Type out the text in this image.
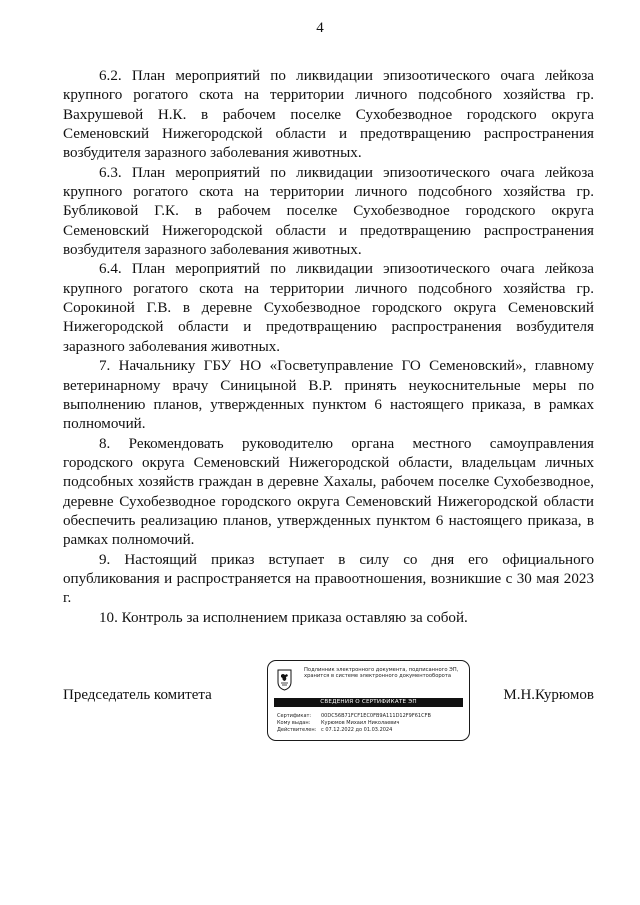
4

6.2. План мероприятий по ликвидации эпизоотического очага лейкоза крупного рогатого скота на территории личного подсобного хозяйства гр. Вахрушевой Н.К. в рабочем поселке Сухобезводное городского округа Семеновский Нижегородской области и предотвращению распространения возбудителя заразного заболевания животных.

6.3. План мероприятий по ликвидации эпизоотического очага лейкоза крупного рогатого скота на территории личного подсобного хозяйства гр. Бубликовой Г.К. в рабочем поселке Сухобезводное городского округа Семеновский Нижегородской области и предотвращению распространения возбудителя заразного заболевания животных.

6.4. План мероприятий по ликвидации эпизоотического очага лейкоза крупного рогатого скота на территории личного подсобного хозяйства гр. Сорокиной Г.В. в деревне Сухобезводное городского округа Семеновский Нижегородской области и предотвращению распространения возбудителя заразного заболевания животных.

7. Начальнику ГБУ НО «Госветуправление ГО Семеновский», главному ветеринарному врачу Синицыной В.Р. принять неукоснительные меры по выполнению планов, утвержденных пунктом 6 настоящего приказа, в рамках полномочий.

8. Рекомендовать руководителю органа местного самоуправления городского округа Семеновский Нижегородской области, владельцам личных подсобных хозяйств граждан в деревне Хахалы, рабочем поселке Сухобезводное, деревне Сухобезводное городского округа Семеновский Нижегородской области обеспечить реализацию планов, утвержденных пунктом 6 настоящего приказа, в рамках полномочий.

9. Настоящий приказ вступает в силу со дня его официального опубликования и распространяется на правоотношения, возникшие с 30 мая 2023 г.

10. Контроль за исполнением приказа оставляю за собой.

Председатель комитета
Подлинник электронного документа, подписанного ЭП, хранится в системе электронного документооборота
СВЕДЕНИЯ О СЕРТИФИКАТЕ ЭП
Сертификат: 00DC56B71FCF1EC0FB9A111D12F9F61CFB
Кому выдан: Курюмов Михаил Николаевич
Действителен: с 07.12.2022 до 01.03.2024
М.Н.Курюмов
